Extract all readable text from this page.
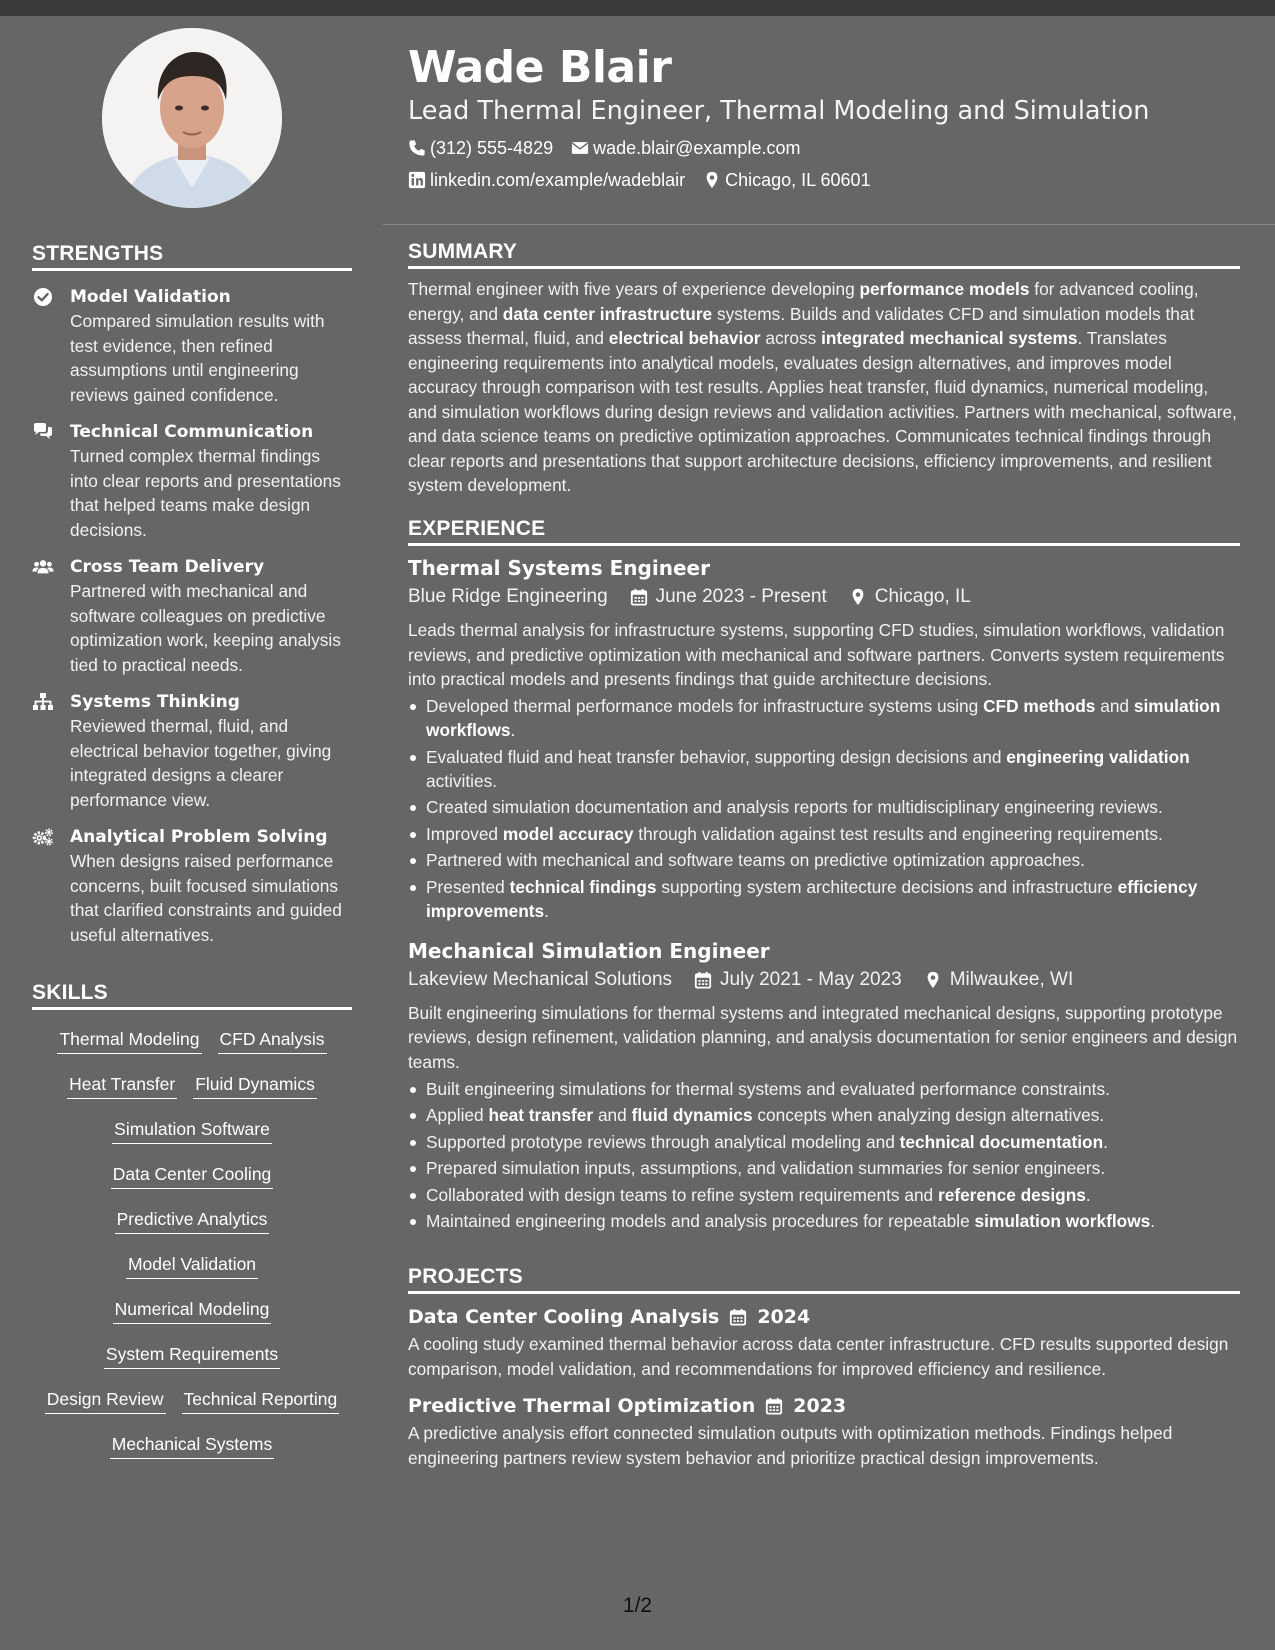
STRENGTHS
Model Validation
Compared simulation results with test evidence, then refined assumptions until engineering reviews gained confidence.
Technical Communication
Turned complex thermal findings into clear reports and presentations that helped teams make design decisions.
Cross Team Delivery
Partnered with mechanical and software colleagues on predictive optimization work, keeping analysis tied to practical needs.
Systems Thinking
Reviewed thermal, fluid, and electrical behavior together, giving integrated designs a clearer performance view.
Analytical Problem Solving
When designs raised performance concerns, built focused simulations that clarified constraints and guided useful alternatives.
SKILLS
Thermal Modeling CFD Analysis
Heat Transfer Fluid Dynamics
Simulation Software
Data Center Cooling
Predictive Analytics
Model Validation
Numerical Modeling
System Requirements
Design Review Technical Reporting
Mechanical Systems
Wade Blair
Lead Thermal Engineer, Thermal Modeling and Simulation
(312) 555-4829 wade.blair@example.com
linkedin.com/example/wadeblair Chicago, IL 60601
SUMMARY
Thermal engineer with five years of experience developing performance models for advanced cooling, energy, and data center infrastructure systems. Builds and validates CFD and simulation models that assess thermal, fluid, and electrical behavior across integrated mechanical systems. Translates engineering requirements into analytical models, evaluates design alternatives, and improves model accuracy through comparison with test results. Applies heat transfer, fluid dynamics, numerical modeling, and simulation workflows during design reviews and validation activities. Partners with mechanical, software, and data science teams on predictive optimization approaches. Communicates technical findings through clear reports and presentations that support architecture decisions, efficiency improvements, and resilient system development.
EXPERIENCE
Thermal Systems Engineer
Blue Ridge Engineering	June 2023 - Present	Chicago, IL
Leads thermal analysis for infrastructure systems, supporting CFD studies, simulation workflows, validation reviews, and predictive optimization with mechanical and software partners. Converts system requirements into practical models and presents findings that guide architecture decisions.
Developed thermal performance models for infrastructure systems using CFD methods and simulation workflows.
Evaluated fluid and heat transfer behavior, supporting design decisions and engineering validation activities.
Created simulation documentation and analysis reports for multidisciplinary engineering reviews.
Improved model accuracy through validation against test results and engineering requirements.
Partnered with mechanical and software teams on predictive optimization approaches.
Presented technical findings supporting system architecture decisions and infrastructure efficiency improvements.
Mechanical Simulation Engineer
Lakeview Mechanical Solutions	July 2021 - May 2023	Milwaukee, WI
Built engineering simulations for thermal systems and integrated mechanical designs, supporting prototype reviews, design refinement, validation planning, and analysis documentation for senior engineers and design teams.
Built engineering simulations for thermal systems and evaluated performance constraints.
Applied heat transfer and fluid dynamics concepts when analyzing design alternatives.
Supported prototype reviews through analytical modeling and technical documentation.
Prepared simulation inputs, assumptions, and validation summaries for senior engineers.
Collaborated with design teams to refine system requirements and reference designs.
Maintained engineering models and analysis procedures for repeatable simulation workflows.
PROJECTS
Data Center Cooling Analysis 2024
A cooling study examined thermal behavior across data center infrastructure. CFD results supported design comparison, model validation, and recommendations for improved efficiency and resilience.
Predictive Thermal Optimization 2023
A predictive analysis effort connected simulation outputs with optimization methods. Findings helped engineering partners review system behavior and prioritize practical design improvements.
1/2
